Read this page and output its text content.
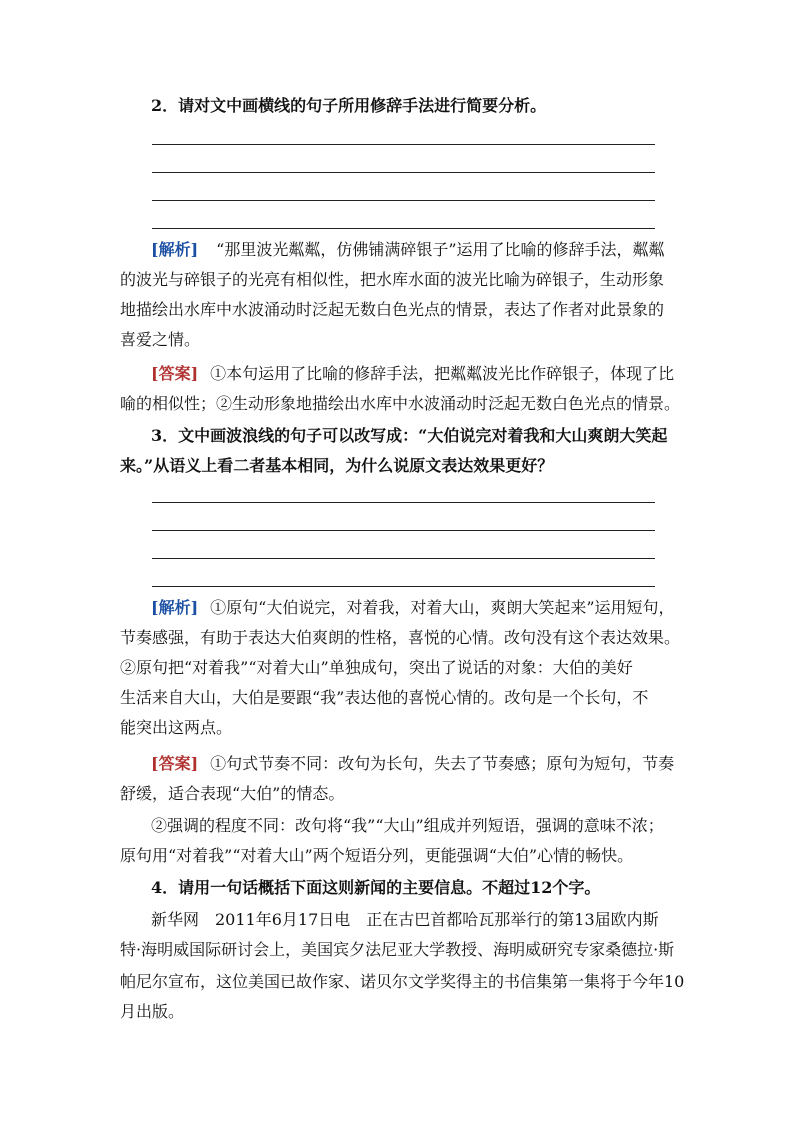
2．请对文中画横线的句子所用修辞手法进行简要分析。
[解析] “那里波光粼粼，仿佛铺满碎银子”运用了比喻的修辞手法，粼粼
的波光与碎银子的光亮有相似性，把水库水面的波光比喻为碎银子，生动形象
地描绘出水库中水波涌动时泛起无数白色光点的情景，表达了作者对此景象的
喜爱之情。
[答案] ①本句运用了比喻的修辞手法，把粼粼波光比作碎银子，体现了比
喻的相似性；②生动形象地描绘出水库中水波涌动时泛起无数白色光点的情景。
3．文中画波浪线的句子可以改写成：“大伯说完对着我和大山爽朗大笑起
来。”从语义上看二者基本相同，为什么说原文表达效果更好？
[解析] ①原句“大伯说完，对着我，对着大山，爽朗大笑起来”运用短句，
节奏感强，有助于表达大伯爽朗的性格，喜悦的心情。改句没有这个表达效果。
②原句把“对着我”“对着大山”单独成句，突出了说话的对象：大伯的美好
生活来自大山，大伯是要跟“我”表达他的喜悦心情的。改句是一个长句，不
能突出这两点。
[答案] ①句式节奏不同：改句为长句，失去了节奏感；原句为短句，节奏
舒缓，适合表现“大伯”的情态。
②强调的程度不同：改句将“我”“大山”组成并列短语，强调的意味不浓；
原句用“对着我”“对着大山”两个短语分列，更能强调“大伯”心情的畅快。
4．请用一句话概括下面这则新闻的主要信息。不超过12个字。
新华网　2011年6月17日电　正在古巴首都哈瓦那举行的第13届欧内斯
特·海明威国际研讨会上，美国宾夕法尼亚大学教授、海明威研究专家桑德拉·斯
帕尼尔宣布，这位美国已故作家、诺贝尔文学奖得主的书信集第一集将于今年10
月出版。
